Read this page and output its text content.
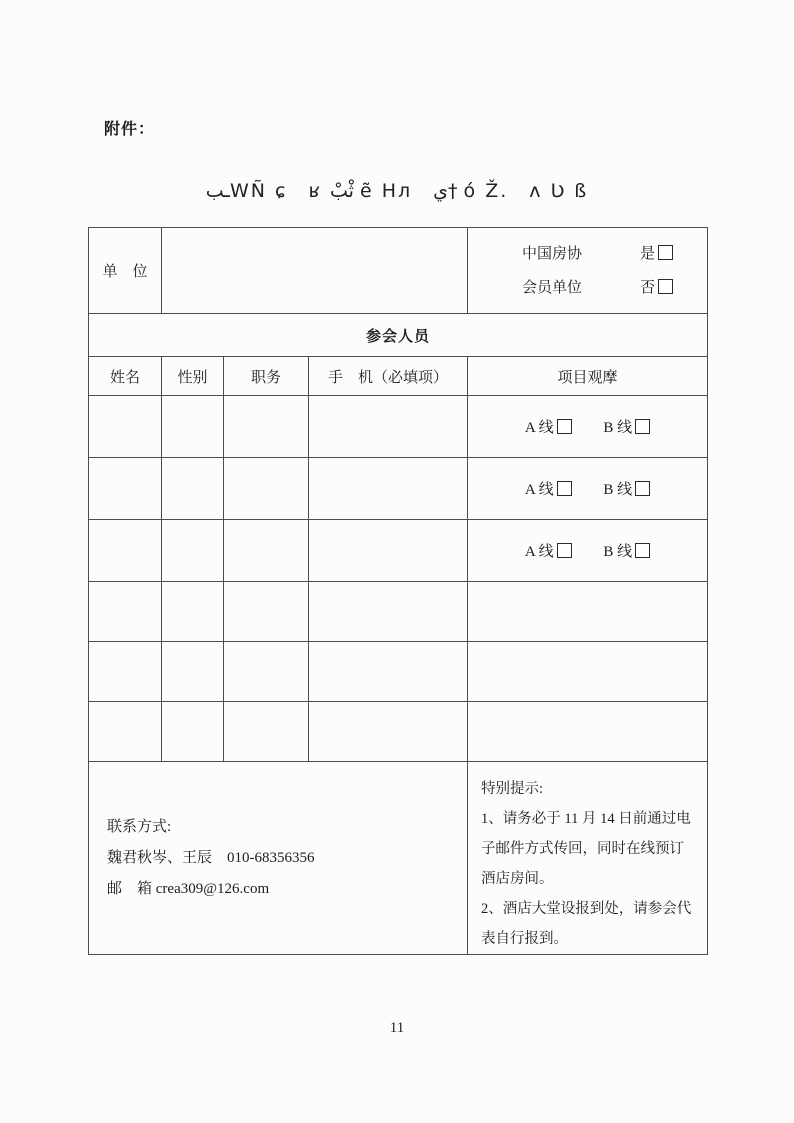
附件：
ـبWÑ ɕ　ʁ ثْبْ ẽ Hᴫ　ي† ó Ž.　ʌ Ʋ ß
单　位				中国房协 是
会员单位 否

参会人员				
姓名	性别	职务	手　机（必填项）	项目观摩
				A 线 B 线
				A 线 B 线
				A 线 B 线

联系方式:
魏君秋岑、王辰　010-68356356
邮　箱 crea309@126.com

特别提示:
1、请务必于 11 月 14 日前通过电子邮件方式传回，同时在线预订酒店房间。
2、酒店大堂设报到处，请参会代表自行报到。
11
